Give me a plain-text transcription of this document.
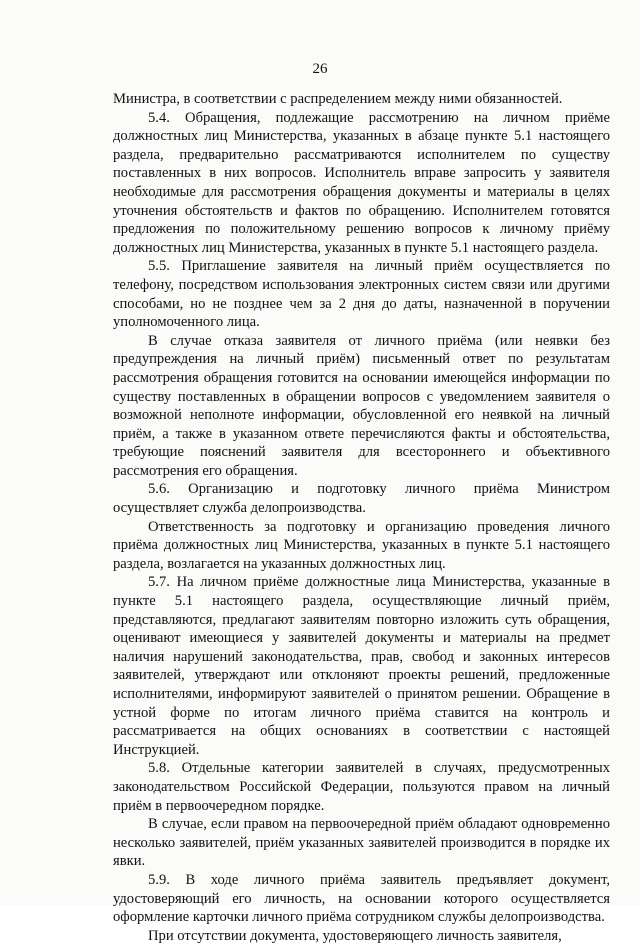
26

Министра, в соответствии с распределением между ними обязанностей.

5.4. Обращения, подлежащие рассмотрению на личном приёме должностных лиц Министерства, указанных в абзаце пункте 5.1 настоящего раздела, предварительно рассматриваются исполнителем по существу поставленных в них вопросов. Исполнитель вправе запросить у заявителя необходимые для рассмотрения обращения документы и материалы в целях уточнения обстоятельств и фактов по обращению. Исполнителем готовятся предложения по положительному решению вопросов к личному приёму должностных лиц Министерства, указанных в пункте 5.1 настоящего раздела.

5.5. Приглашение заявителя на личный приём осуществляется по телефону, посредством использования электронных систем связи или другими способами, но не позднее чем за 2 дня до даты, назначенной в поручении уполномоченного лица.

В случае отказа заявителя от личного приёма (или неявки без предупреждения на личный приём) письменный ответ по результатам рассмотрения обращения готовится на основании имеющейся информации по существу поставленных в обращении вопросов с уведомлением заявителя о возможной неполноте информации, обусловленной его неявкой на личный приём, а также в указанном ответе перечисляются факты и обстоятельства, требующие пояснений заявителя для всестороннего и объективного рассмотрения его обращения.

5.6. Организацию и подготовку личного приёма Министром осуществляет служба делопроизводства.

Ответственность за подготовку и организацию проведения личного приёма должностных лиц Министерства, указанных в пункте 5.1 настоящего раздела, возлагается на указанных должностных лиц.

5.7. На личном приёме должностные лица Министерства, указанные в пункте 5.1 настоящего раздела, осуществляющие личный приём, представляются, предлагают заявителям повторно изложить суть обращения, оценивают имеющиеся у заявителей документы и материалы на предмет наличия нарушений законодательства, прав, свобод и законных интересов заявителей, утверждают или отклоняют проекты решений, предложенные исполнителями, информируют заявителей о принятом решении. Обращение в устной форме по итогам личного приёма ставится на контроль и рассматривается на общих основаниях в соответствии с настоящей Инструкцией.

5.8. Отдельные категории заявителей в случаях, предусмотренных законодательством Российской Федерации, пользуются правом на личный приём в первоочередном порядке.

В случае, если правом на первоочередной приём обладают одновременно несколько заявителей, приём указанных заявителей производится в порядке их явки.

5.9. В ходе личного приёма заявитель предъявляет документ, удостоверяющий его личность, на основании которого осуществляется оформление карточки личного приёма сотрудником службы делопроизводства.

При отсутствии документа, удостоверяющего личность заявителя,
